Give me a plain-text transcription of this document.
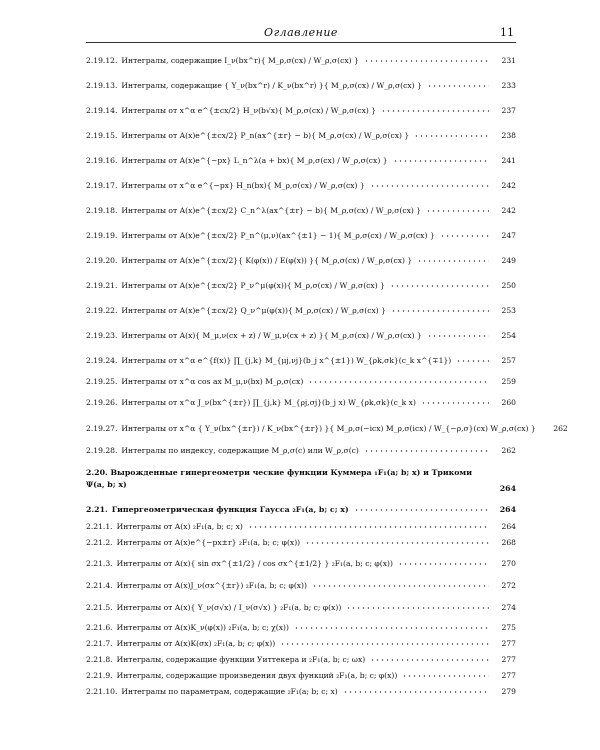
Оглавление	11
2.19.12. Интегралы, содержащие I_ν(bx^r){ M_ρ,σ(cx) / W_ρ,σ(cx) }	231
2.19.13. Интегралы, содержащие { Y_ν(bx^r) / K_ν(bx^r) }{ M_ρ,σ(cx) / W_ρ,σ(cx) }	233
2.19.14. Интегралы от x^α e^{±cx/2} H_ν(b√x){ M_ρ,σ(cx) / W_ρ,σ(cx) }	237
2.19.15. Интегралы от A(x)e^{±cx/2} P_n(ax^{±r} − b){ M_ρ,σ(cx) / W_ρ,σ(cx) }	238
2.19.16. Интегралы от A(x)e^{−px} L_n^λ(a + bx){ M_ρ,σ(cx) / W_ρ,σ(cx) }	241
2.19.17. Интегралы от x^α e^{−px} H_n(bx){ M_ρ,σ(cx) / W_ρ,σ(cx) }	242
2.19.18. Интегралы от A(x)e^{±cx/2} C_n^λ(ax^{±r} − b){ M_ρ,σ(cx) / W_ρ,σ(cx) }	242
2.19.19. Интегралы от A(x)e^{±cx/2} P_n^(μ,ν)(ax^{±1} − 1){ M_ρ,σ(cx) / W_ρ,σ(cx) }	247
2.19.20. Интегралы от A(x)e^{±cx/2}{ K(φ(x)) / E(φ(x)) }{ M_ρ,σ(cx) / W_ρ,σ(cx) }	249
2.19.21. Интегралы от A(x)e^{±cx/2} P_ν^μ(φ(x)){ M_ρ,σ(cx) / W_ρ,σ(cx) }	250
2.19.22. Интегралы от A(x)e^{±cx/2} Q_ν^μ(φ(x)){ M_ρ,σ(cx) / W_ρ,σ(cx) }	253
2.19.23. Интегралы от A(x){ M_μ,ν(cx + z) / W_μ,ν(cx + z) }{ M_ρ,σ(cx) / W_ρ,σ(cx) }	254
2.19.24. Интегралы от x^α e^{f(x)} ∏_{j,k} M_{μj,νj}(b_j x^{±1}) W_{ρk,σk}(c_k x^{∓1})	257
2.19.25. Интегралы от x^α cos ax M_μ,ν(bx) M_ρ,σ(cx)	259
2.19.26. Интегралы от x^α J_ν(bx^{±r}) ∏_{j,k} M_{ρj,σj}(b_j x) W_{ρk,σk}(c_k x)	260
2.19.27. Интегралы от x^α { Y_ν(bx^{±r}) / K_ν(bx^{±r}) }{ M_ρ,σ(−icx) M_ρ,σ(icx) / W_{−ρ,σ}(cx) W_ρ,σ(cx) }	262
2.19.28. Интегралы по индексу, содержащие M_ρ,σ(c) или W_ρ,σ(c)	262
2.20. Вырожденные гипергеометри ческие функции Куммера ₁F₁(a; b; x) и Трикоми Ψ(a, b; x)	264
2.21. Гипергеометрическая функция Гаусса ₂F₁(a, b; c; x)	264
2.21.1. Интегралы от A(x) ₂F₁(a, b; c; x)	264
2.21.2. Интегралы от A(x)e^{−px±r} ₂F₁(a, b; c; φ(x))	268
2.21.3. Интегралы от A(x){ sin σx^{±1/2} / cos σx^{±1/2} } ₂F₁(a, b; c; φ(x))	270
2.21.4. Интегралы от A(x)J_ν(σx^{±r}) ₂F₁(a, b; c; φ(x))	272
2.21.5. Интегралы от A(x){ Y_ν(σ√x) / I_ν(σ√x) } ₂F₁(a, b; c; φ(x))	274
2.21.6. Интегралы от A(x)K_ν(φ(x)) ₂F₁(a, b; c; χ(x))	275
2.21.7. Интегралы от A(x)K(σx) ₂F₁(a, b; c; φ(x))	277
2.21.8. Интегралы, содержащие функции Уиттекера и ₂F₁(a, b; c; ωx)	277
2.21.9. Интегралы, содержащие произведения двух функций ₂F₁(a, b; c; φ(x))	277
2.21.10. Интегралы по параметрам, содержащие ₂F₁(a; b; c; x)	279
